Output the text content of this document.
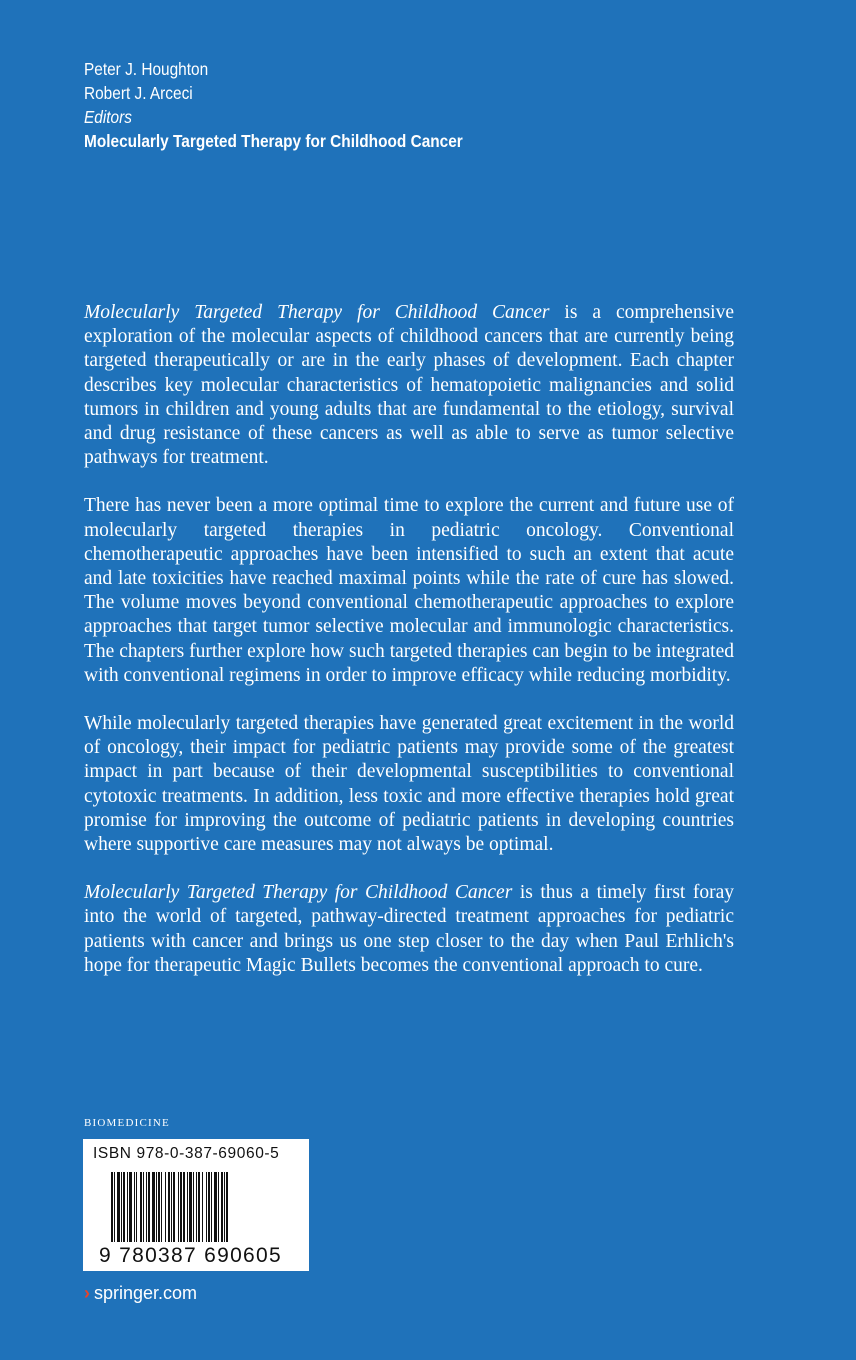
Peter J. Houghton
Robert J. Arceci
Editors
Molecularly Targeted Therapy for Childhood Cancer

Molecularly Targeted Therapy for Childhood Cancer is a comprehensive exploration of the molecular aspects of childhood cancers that are currently being targeted therapeutically or are in the early phases of development. Each chapter describes key molecular characteristics of hematopoietic malignancies and solid tumors in children and young adults that are fundamental to the etiology, survival and drug resistance of these cancers as well as able to serve as tumor selective pathways for treatment.

There has never been a more optimal time to explore the current and future use of molecularly targeted therapies in pediatric oncology. Conventional chemotherapeutic approaches have been intensified to such an extent that acute and late toxicities have reached maximal points while the rate of cure has slowed. The volume moves beyond conventional chemotherapeutic approaches to explore approaches that target tumor selective molecular and immunologic characteristics. The chapters further explore how such targeted therapies can begin to be integrated with conventional regimens in order to improve efficacy while reducing morbidity.

While molecularly targeted therapies have generated great excitement in the world of oncology, their impact for pediatric patients may provide some of the greatest impact in part because of their developmental susceptibilities to conventional cytotoxic treatments. In addition, less toxic and more effective therapies hold great promise for improving the outcome of pediatric patients in developing countries where supportive care measures may not always be optimal.

Molecularly Targeted Therapy for Childhood Cancer is thus a timely first foray into the world of targeted, pathway-directed treatment approaches for pediatric patients with cancer and brings us one step closer to the day when Paul Erhlich's hope for therapeutic Magic Bullets becomes the conventional approach to cure.

BIOMEDICINE
ISBN 978-0-387-69060-5
9 780387 690605
› springer.com
